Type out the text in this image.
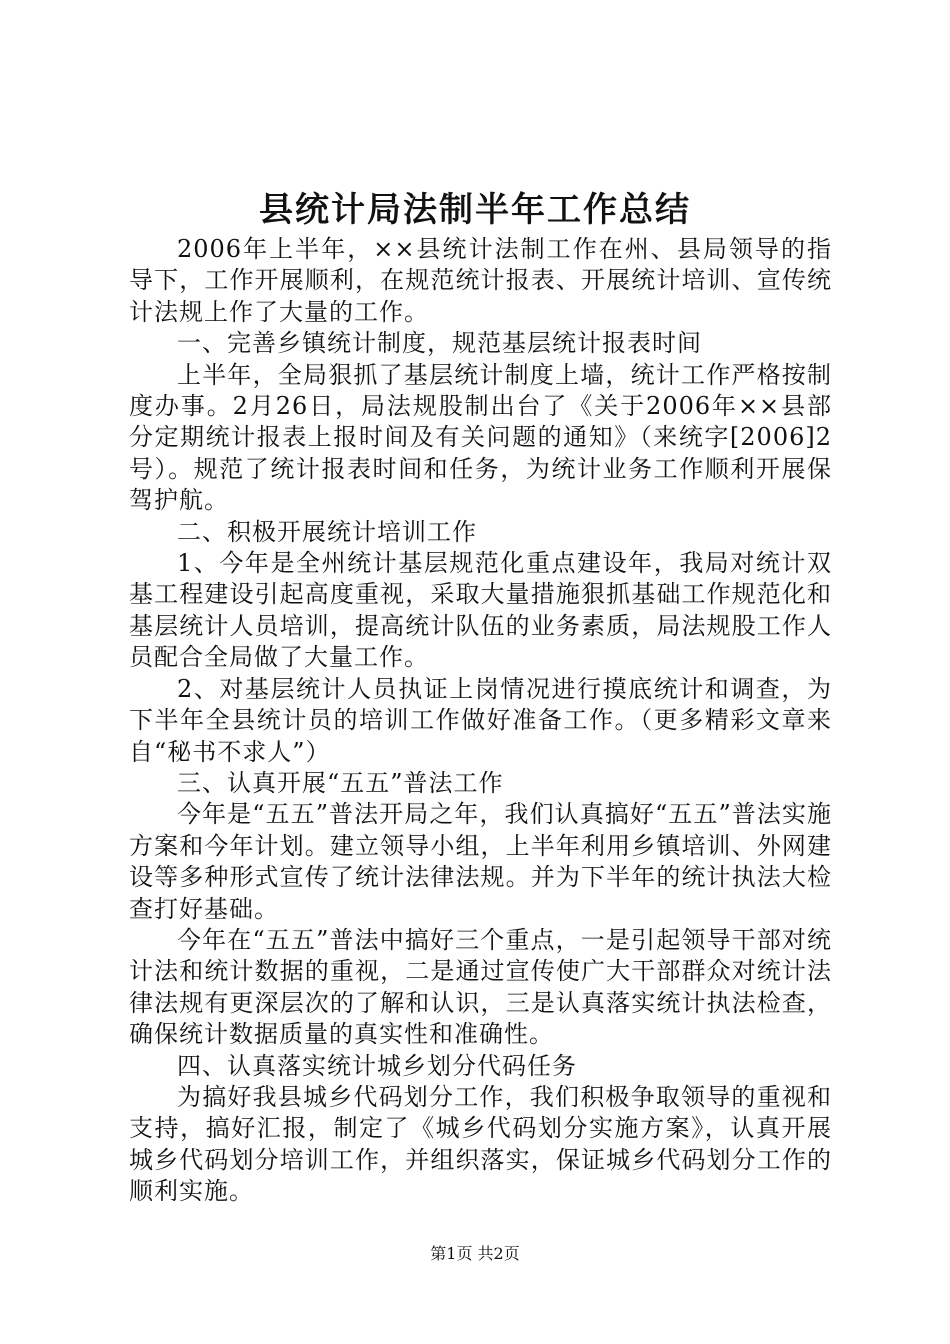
县统计局法制半年工作总结

2006年上半年，××县统计法制工作在州、县局领导的指导下，工作开展顺利，在规范统计报表、开展统计培训、宣传统计法规上作了大量的工作。

一、完善乡镇统计制度，规范基层统计报表时间

上半年，全局狠抓了基层统计制度上墙，统计工作严格按制度办事。2月26日，局法规股制出台了《关于2006年××县部分定期统计报表上报时间及有关问题的通知》（来统字[2006]2号）。规范了统计报表时间和任务，为统计业务工作顺利开展保驾护航。

二、积极开展统计培训工作

1、今年是全州统计基层规范化重点建设年，我局对统计双基工程建设引起高度重视，采取大量措施狠抓基础工作规范化和基层统计人员培训，提高统计队伍的业务素质，局法规股工作人员配合全局做了大量工作。

2、对基层统计人员执证上岗情况进行摸底统计和调查，为下半年全县统计员的培训工作做好准备工作。（更多精彩文章来自“秘书不求人”）

三、认真开展“五五”普法工作

今年是“五五”普法开局之年，我们认真搞好“五五”普法实施方案和今年计划。建立领导小组，上半年利用乡镇培训、外网建设等多种形式宣传了统计法律法规。并为下半年的统计执法大检查打好基础。

今年在“五五”普法中搞好三个重点，一是引起领导干部对统计法和统计数据的重视，二是通过宣传使广大干部群众对统计法律法规有更深层次的了解和认识，三是认真落实统计执法检查，确保统计数据质量的真实性和准确性。

四、认真落实统计城乡划分代码任务

为搞好我县城乡代码划分工作，我们积极争取领导的重视和支持，搞好汇报，制定了《城乡代码划分实施方案》，认真开展城乡代码划分培训工作，并组织落实，保证城乡代码划分工作的顺利实施。

第1页 共2页
